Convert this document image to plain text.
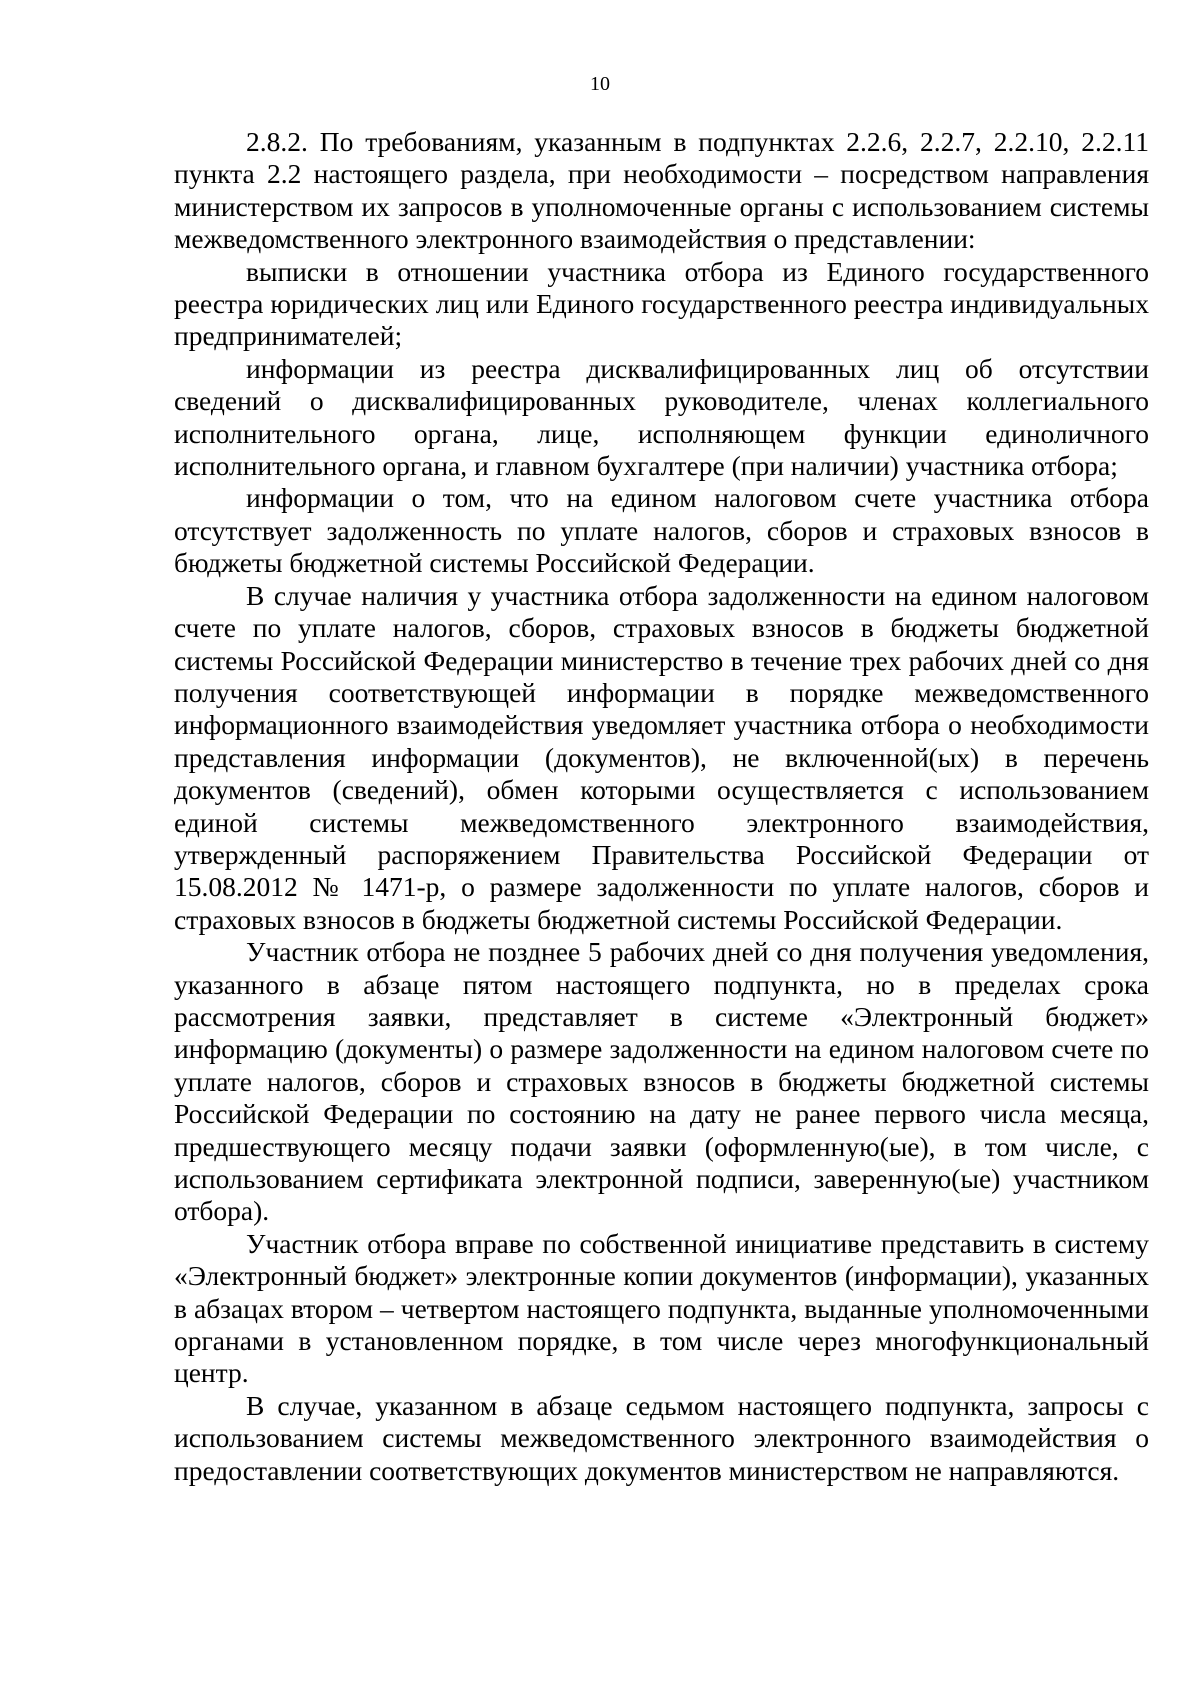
10

2.8.2. По требованиям, указанным в подпунктах 2.2.6, 2.2.7, 2.2.10, 2.2.11 пункта 2.2 настоящего раздела, при необходимости – посредством направления министерством их запросов в уполномоченные органы с использованием системы межведомственного электронного взаимодействия о представлении:

выписки в отношении участника отбора из Единого государственного реестра юридических лиц или Единого государственного реестра индивидуальных предпринимателей;

информации из реестра дисквалифицированных лиц об отсутствии сведений о дисквалифицированных руководителе, членах коллегиального исполнительного органа, лице, исполняющем функции единоличного исполнительного органа, и главном бухгалтере (при наличии) участника отбора;

информации о том, что на едином налоговом счете участника отбора отсутствует задолженность по уплате налогов, сборов и страховых взносов в бюджеты бюджетной системы Российской Федерации.

В случае наличия у участника отбора задолженности на едином налоговом счете по уплате налогов, сборов, страховых взносов в бюджеты бюджетной системы Российской Федерации министерство в течение трех рабочих дней со дня получения соответствующей информации в порядке межведомственного информационного взаимодействия уведомляет участника отбора о необходимости представления информации (документов), не включенной(ых) в перечень документов (сведений), обмен которыми осуществляется с использованием единой системы межведомственного электронного взаимодействия, утвержденный распоряжением Правительства Российской Федерации от 15.08.2012 № 1471-р, о размере задолженности по уплате налогов, сборов и страховых взносов в бюджеты бюджетной системы Российской Федерации.

Участник отбора не позднее 5 рабочих дней со дня получения уведомления, указанного в абзаце пятом настоящего подпункта, но в пределах срока рассмотрения заявки, представляет в системе «Электронный бюджет» информацию (документы) о размере задолженности на едином налоговом счете по уплате налогов, сборов и страховых взносов в бюджеты бюджетной системы Российской Федерации по состоянию на дату не ранее первого числа месяца, предшествующего месяцу подачи заявки (оформленную(ые), в том числе, с использованием сертификата электронной подписи, заверенную(ые) участником отбора).

Участник отбора вправе по собственной инициативе представить в систему «Электронный бюджет» электронные копии документов (информации), указанных в абзацах втором – четвертом настоящего подпункта, выданные уполномоченными органами в установленном порядке, в том числе через многофункциональный центр.

В случае, указанном в абзаце седьмом настоящего подпункта, запросы с использованием системы межведомственного электронного взаимодействия о предоставлении соответствующих документов министерством не направляются.
